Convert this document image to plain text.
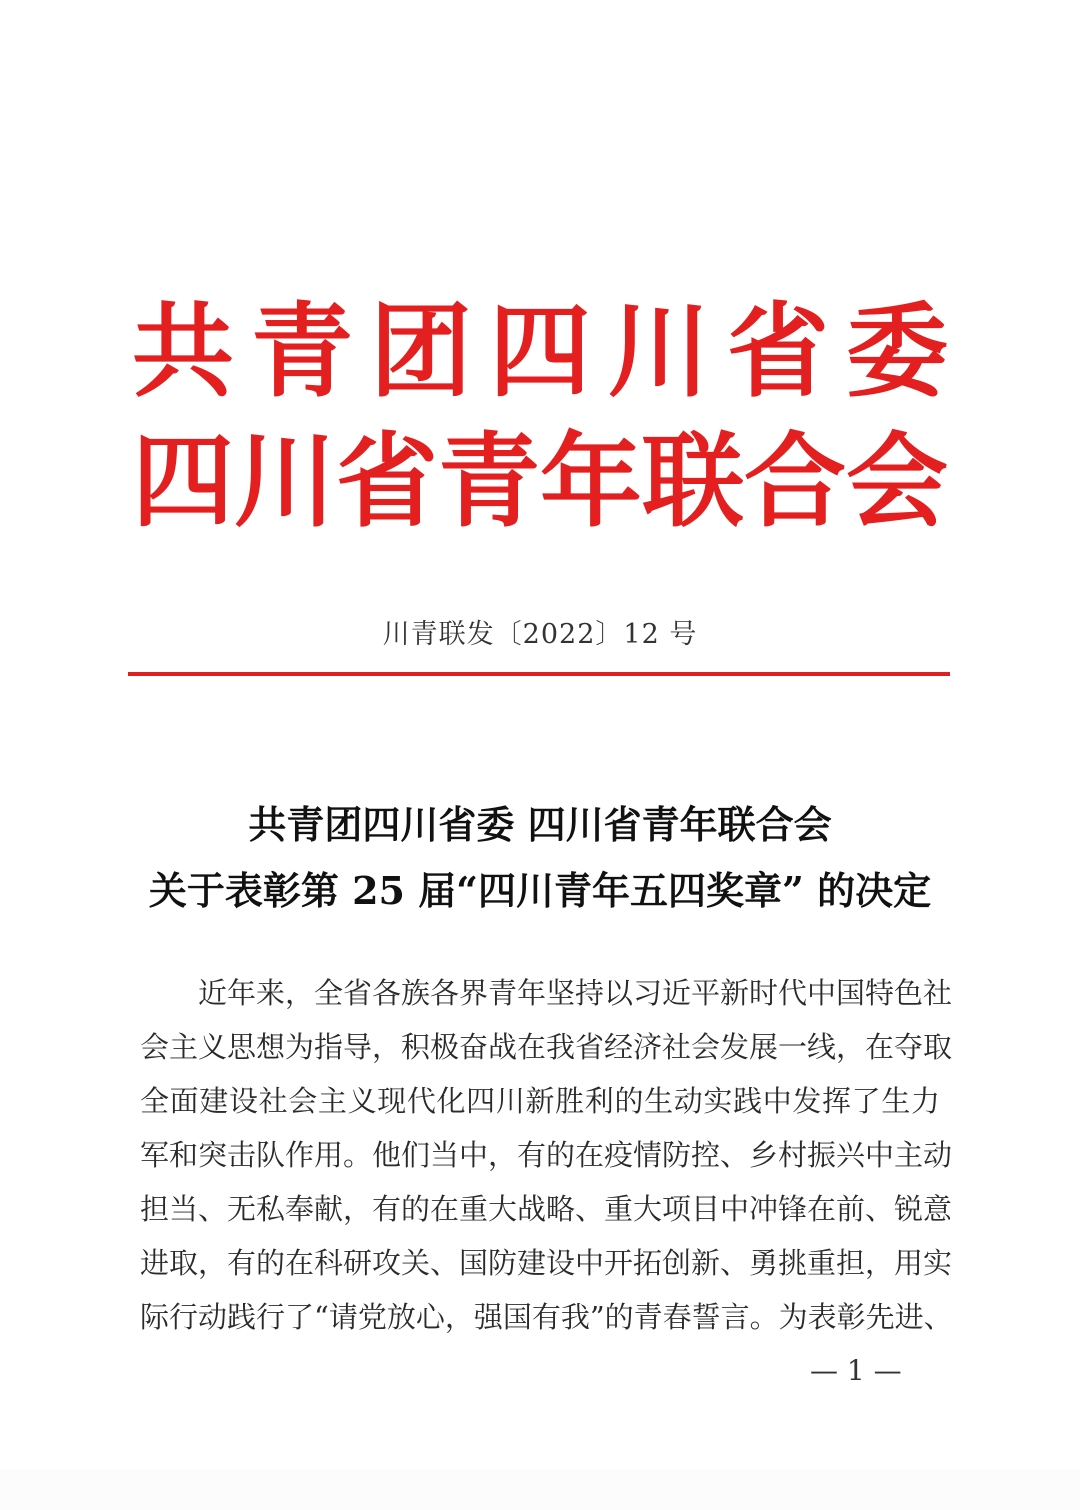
共 青 团 四 川 省 委
四 川 省 青 年 联 合 会
川青联发〔2022〕12 号
共青团四川省委 四川省青年联合会
关于表彰第 25 届“四川青年五四奖章” 的决定
近年来，全省各族各界青年坚持以习近平新时代中国特色社
会主义思想为指导，积极奋战在我省经济社会发展一线，在夺取
全面建设社会主义现代化四川新胜利的生动实践中发挥了生力
军和突击队作用。他们当中，有的在疫情防控、乡村振兴中主动
担当、无私奉献，有的在重大战略、重大项目中冲锋在前、锐意
进取，有的在科研攻关、国防建设中开拓创新、勇挑重担，用实
际行动践行了“请党放心，强国有我”的青春誓言。为表彰先进、
— 1 —
